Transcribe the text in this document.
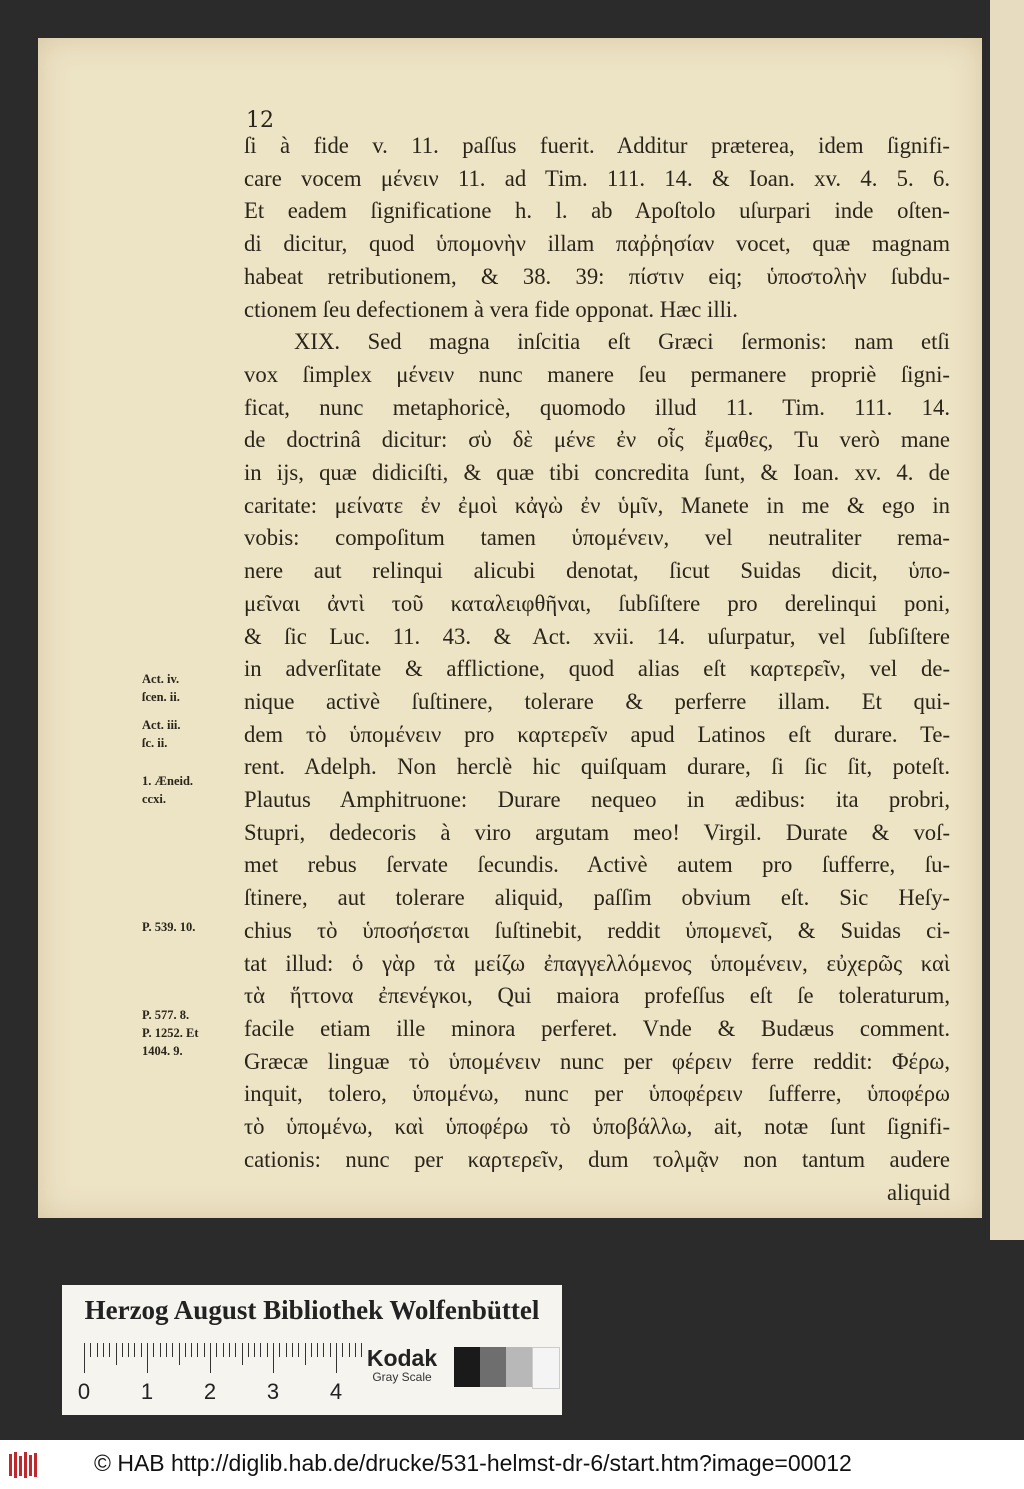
12

ſi à fide v. 11. paſſus fuerit. Additur præterea, idem ſignifi-
care vocem μένειν 11. ad Tim. 111. 14. & Ioan. xv. 4. 5. 6.
Et eadem ſignificatione h. l. ab Apoſtolo uſurpari inde oſten-
di dicitur, quod ὑπομονὴν illam παῤῥησίαν vocet, quæ magnam
habeat retributionem, & 38. 39: πίστιν eiq; ὑποστολὴν ſubdu-
ctionem ſeu defectionem à vera fide opponat. Hæc illi.
XIX. Sed magna inſcitia eſt Græci ſermonis: nam etſi
vox ſimplex μένειν nunc manere ſeu permanere propriè ſigni-
ficat, nunc metaphoricè, quomodo illud 11. Tim. 111. 14.
de doctrinâ dicitur: σὺ δὲ μένε ἐν οἷς ἔμαθες, Tu verò mane
in ijs, quæ didiciſti, & quæ tibi concredita ſunt, & Ioan. xv. 4. de
caritate: μείνατε ἐν ἐμοὶ κἀγὼ ἐν ὑμῖν, Manete in me & ego in
vobis: compoſitum tamen ὑπομένειν, vel neutraliter rema-
nere aut relinqui alicubi denotat, ſicut Suidas dicit, ὑπο-
μεῖναι ἀντὶ τοῦ καταλειφθῆναι, ſubſiſtere pro derelinqui poni,
& ſic Luc. 11. 43. & Act. xvii. 14. uſurpatur, vel ſubſiſtere
in adverſitate & afflictione, quod alias eſt καρτερεῖν, vel de-
nique activè ſuſtinere, tolerare & perferre illam. Et qui-
dem τὸ ὑπομένειν pro καρτερεῖν apud Latinos eſt durare. Te-
rent. Adelph. Non herclè hic quiſquam durare, ſi ſic ſit, poteſt.
Plautus Amphitruone: Durare nequeo in ædibus: ita probri,
Stupri, dedecoris à viro argutam meo! Virgil. Durate & voſ-
met rebus ſervate ſecundis. Activè autem pro ſufferre, ſu-
ſtinere, aut tolerare aliquid, paſſim obvium eſt. Sic Heſy-
chius τὸ ὑποσήσεται ſuſtinebit, reddit ὑπομενεῖ, & Suidas ci-
tat illud: ὁ γὰρ τὰ μείζω ἐπαγγελλόμενος ὑπομένειν, εὐχερῶς καὶ
τὰ ἥττονα ἐπενέγκοι, Qui maiora profeſſus eſt ſe toleraturum,
facile etiam ille minora perferet. Vnde & Budæus comment.
Græcæ linguæ τὸ ὑπομένειν nunc per φέρειν ferre reddit: Φέρω,
inquit, tolero, ὑπομένω, nunc per ὑποφέρειν ſufferre, ὑποφέρω
τὸ ὑπομένω, καὶ ὑποφέρω τὸ ὑποβάλλω, ait, notæ ſunt ſignifi-
cationis: nunc per καρτερεῖν, dum τολμᾷν non tantum audere
aliquid
Act. iv.
ſcen. ii.
Act. iii.
ſc. ii.
1. Æneid.
ccxi.
P. 539. 10.
P. 577. 8.
P. 1252. Et
1404. 9.
Herzog August Bibliothek Wolfenbüttel
0 1 2 3 4
Kodak
Gray Scale

© HAB http://diglib.hab.de/drucke/531-helmst-dr-6/start.htm?image=00012
